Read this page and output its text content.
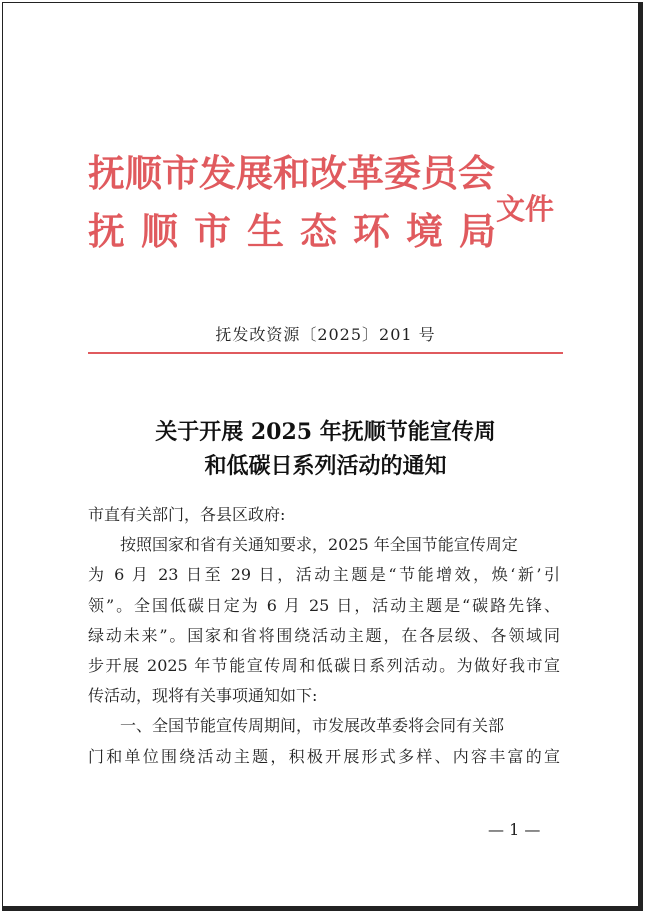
抚顺市发展和改革委员会
抚顺市生态环境局
文件
抚发改资源〔2025〕201 号
关于开展 2025 年抚顺节能宣传周
和低碳日系列活动的通知
市直有关部门，各县区政府:
按照国家和省有关通知要求，2025 年全国节能宣传周定
为 6 月 23 日至 29 日，活动主题是“节能增效，焕‘新’引
领”。全国低碳日定为 6 月 25 日，活动主题是“碳路先锋、
绿动未来”。国家和省将围绕活动主题，在各层级、各领域同
步开展 2025 年节能宣传周和低碳日系列活动。为做好我市宣
传活动，现将有关事项通知如下:
一、全国节能宣传周期间，市发展改革委将会同有关部
门和单位围绕活动主题，积极开展形式多样、内容丰富的宣
— 1 —
